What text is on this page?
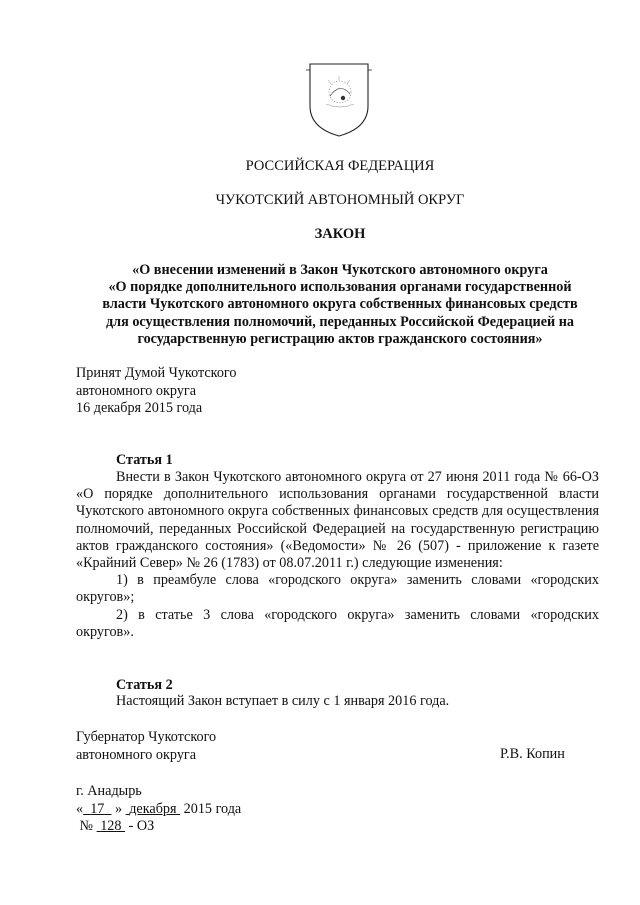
РОССИЙСКАЯ ФЕДЕРАЦИЯ
ЧУКОТСКИЙ АВТОНОМНЫЙ ОКРУГ
ЗАКОН
«О внесении изменений в Закон Чукотского автономного округа
«О порядке дополнительного использования органами государственной
власти Чукотского автономного округа собственных финансовых средств
для осуществления полномочий, переданных Российской Федерацией на
государственную регистрацию актов гражданского состояния»
Принят Думой Чукотского
автономного округа
16 декабря 2015 года
Статья 1

Внести в Закон Чукотского автономного округа от 27 июня 2011 года № 66-ОЗ «О порядке дополнительного использования органами государственной власти Чукотского автономного округа собственных финансовых средств для осуществления полномочий, переданных Российской Федерацией на государственную регистрацию актов гражданского состояния» («Ведомости» № 26 (507) - приложение к газете «Крайний Север» № 26 (1783) от 08.07.2011 г.) следующие изменения:

1) в преамбуле слова «городского округа» заменить словами «городских округов»;

2) в статье 3 слова «городского округа» заменить словами «городских округов».

Статья 2

Настоящий Закон вступает в силу с 1 января 2016 года.

Губернатор Чукотского
автономного округа	Р.В. Копин
г. Анадырь
« 17 » декабря 2015 года
№ 128 - ОЗ
